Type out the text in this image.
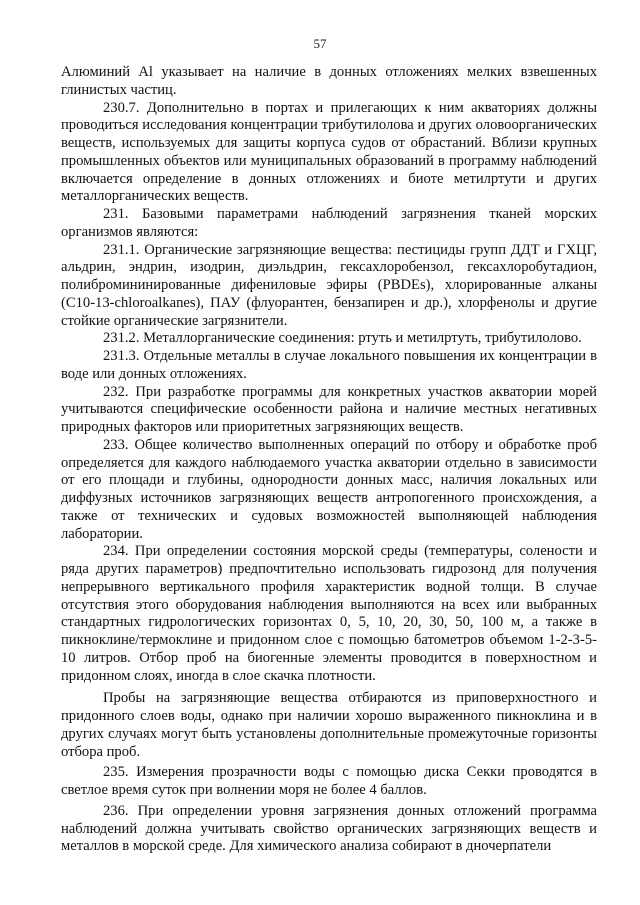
57

Алюминий Al указывает на наличие в донных отложениях мелких взвешенных глинистых частиц.

230.7. Дополнительно в портах и прилегающих к ним акваториях должны проводиться исследования концентрации трибутилолова и других оловоорганических веществ, используемых для защиты корпуса судов от обрастаний. Вблизи крупных промышленных объектов или муниципальных образований в программу наблюдений включается определение в донных отложениях и биоте метилртути и других металлорганических веществ.

231. Базовыми параметрами наблюдений загрязнения тканей морских организмов являются:

231.1. Органические загрязняющие вещества: пестициды групп ДДТ и ГХЦГ, альдрин, эндрин, изодрин, диэльдрин, гексахлоробензол, гексахлоробутадион, полибромининированные дифениловые эфиры (PBDEs), хлорированные алканы (C10-13-chloroalkanes), ПАУ (флуорантен, бензапирен и др.), хлорфенолы и другие стойкие органические загрязнители.

231.2. Металлорганические соединения: ртуть и метилртуть, трибутилолово.

231.3. Отдельные металлы в случае локального повышения их концентрации в воде или донных отложениях.

232. При разработке программы для конкретных участков акватории морей учитываются специфические особенности района и наличие местных негативных природных факторов или приоритетных загрязняющих веществ.

233. Общее количество выполненных операций по отбору и обработке проб определяется для каждого наблюдаемого участка акватории отдельно в зависимости от его площади и глубины, однородности донных масс, наличия локальных или диффузных источников загрязняющих веществ антропогенного происхождения, а также от технических и судовых возможностей выполняющей наблюдения лаборатории.

234. При определении состояния морской среды (температуры, солености и ряда других параметров) предпочтительно использовать гидрозонд для получения непрерывного вертикального профиля характеристик водной толщи. В случае отсутствия этого оборудования наблюдения выполняются на всех или выбранных стандартных гидрологических горизонтах 0, 5, 10, 20, 30, 50, 100 м, а также в пикноклине/термоклине и придонном слое с помощью батометров объемом 1-2-3-5-10 литров. Отбор проб на биогенные элементы проводится в поверхностном и придонном слоях, иногда в слое скачка плотности.

Пробы на загрязняющие вещества отбираются из приповерхностного и придонного слоев воды, однако при наличии хорошо выраженного пикноклина и в других случаях могут быть установлены дополнительные промежуточные горизонты отбора проб.

235. Измерения прозрачности воды с помощью диска Секки проводятся в светлое время суток при волнении моря не более 4 баллов.

236. При определении уровня загрязнения донных отложений программа наблюдений должна учитывать свойство органических загрязняющих веществ и металлов в морской среде. Для химического анализа собирают в дночерпатели
